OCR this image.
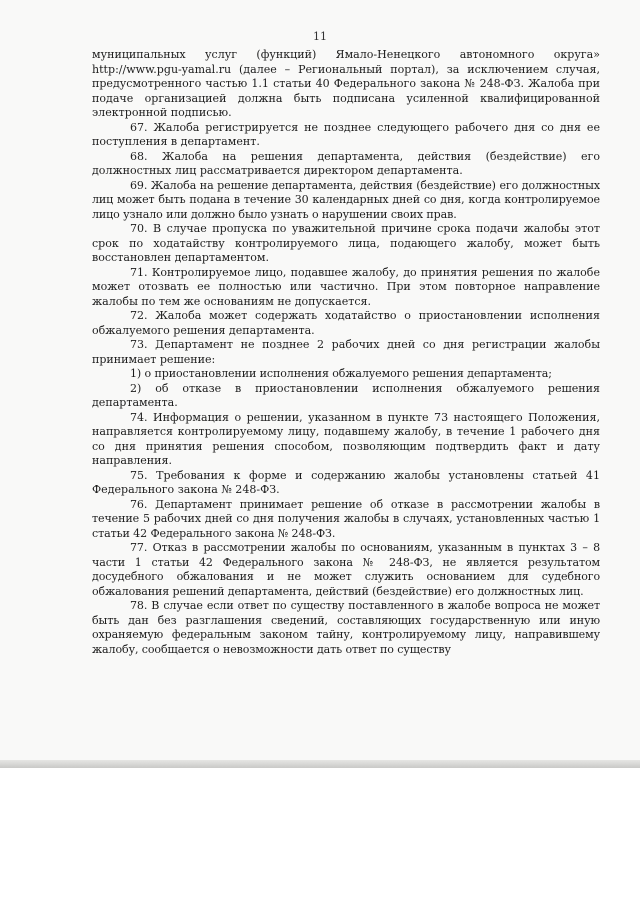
11

муниципальных услуг (функций) Ямало-Ненецкого автономного округа» http://www.pgu-yamal.ru (далее – Региональный портал), за исключением случая, предусмотренного частью 1.1 статьи 40 Федерального закона № 248-ФЗ. Жалоба при подаче организацией должна быть подписана усиленной квалифицированной электронной подписью.

67. Жалоба регистрируется не позднее следующего рабочего дня со дня ее поступления в департамент.

68. Жалоба на решения департамента, действия (бездействие) его должностных лиц рассматривается директором департамента.

69. Жалоба на решение департамента, действия (бездействие) его должностных лиц может быть подана в течение 30 календарных дней со дня, когда контролируемое лицо узнало или должно было узнать о нарушении своих прав.

70. В случае пропуска по уважительной причине срока подачи жалобы этот срок по ходатайству контролируемого лица, подающего жалобу, может быть восстановлен департаментом.

71. Контролируемое лицо, подавшее жалобу, до принятия решения по жалобе может отозвать ее полностью или частично. При этом повторное направление жалобы по тем же основаниям не допускается.

72. Жалоба может содержать ходатайство о приостановлении исполнения обжалуемого решения департамента.

73. Департамент не позднее 2 рабочих дней со дня регистрации жалобы принимает решение:

1) о приостановлении исполнения обжалуемого решения департамента;

2) об отказе в приостановлении исполнения обжалуемого решения департамента.

74. Информация о решении, указанном в пункте 73 настоящего Положения, направляется контролируемому лицу, подавшему жалобу, в течение 1 рабочего дня со дня принятия решения способом, позволяющим подтвердить факт и дату направления.

75. Требования к форме и содержанию жалобы установлены статьей 41 Федерального закона № 248-ФЗ.

76. Департамент принимает решение об отказе в рассмотрении жалобы в течение 5 рабочих дней со дня получения жалобы в случаях, установленных частью 1 статьи 42 Федерального закона № 248-ФЗ.

77. Отказ в рассмотрении жалобы по основаниям, указанным в пунктах 3 – 8 части 1 статьи 42 Федерального закона № 248-ФЗ, не является результатом досудебного обжалования и не может служить основанием для судебного обжалования решений департамента, действий (бездействие) его должностных лиц.

78. В случае если ответ по существу поставленного в жалобе вопроса не может быть дан без разглашения сведений, составляющих государственную или иную охраняемую федеральным законом тайну, контролируемому лицу, направившему жалобу, сообщается о невозможности дать ответ по существу
